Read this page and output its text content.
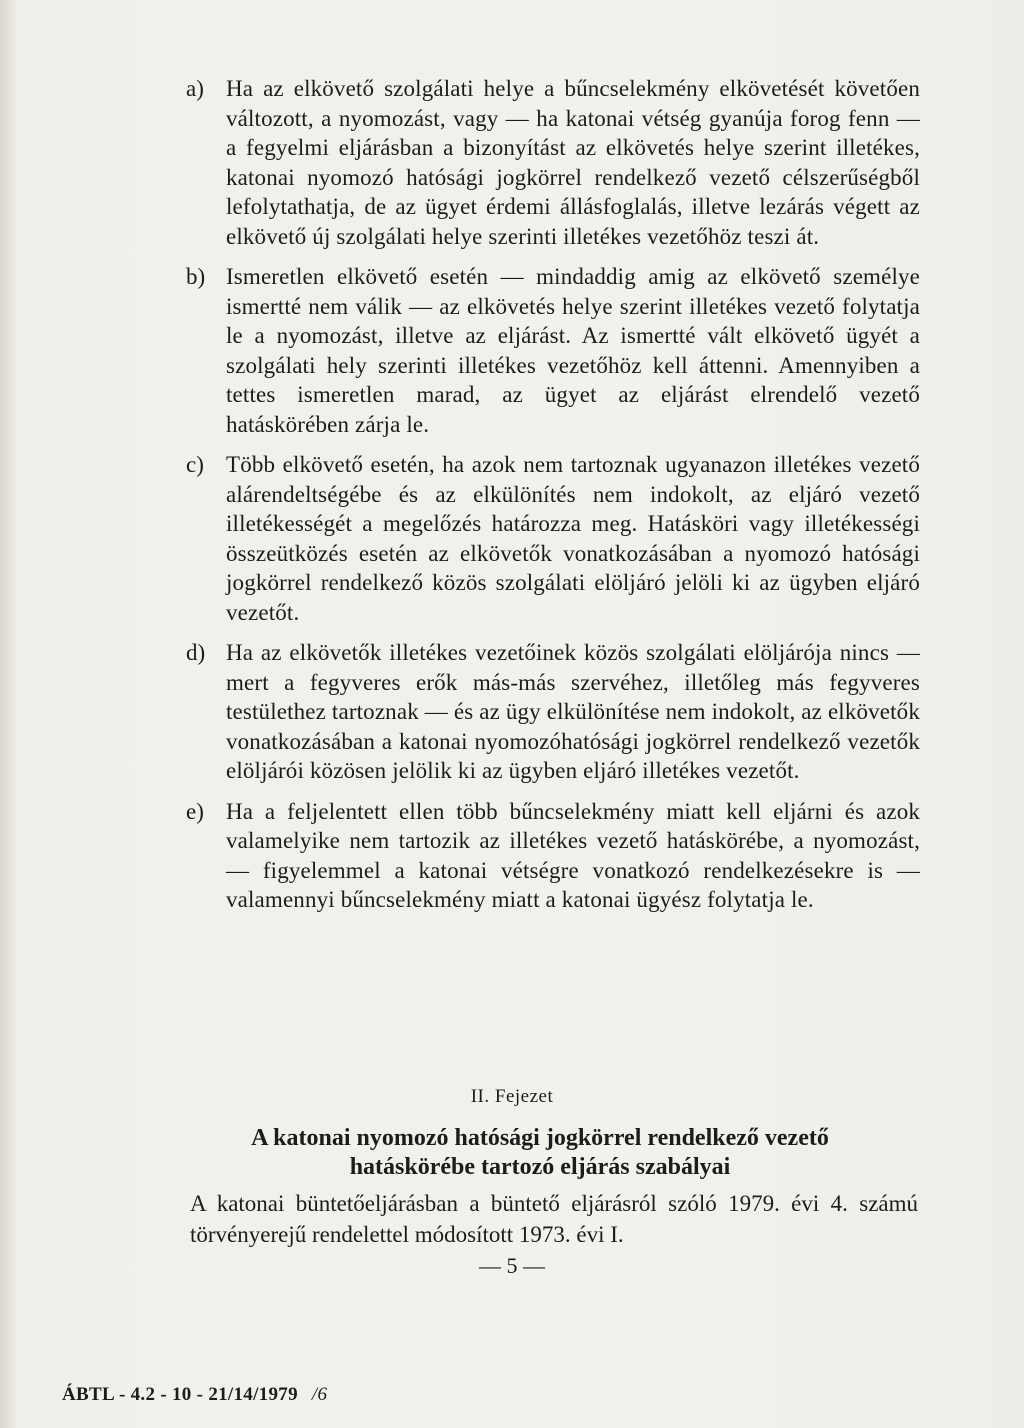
a) Ha az elkövető szolgálati helye a bűncselekmény elkövetését követően változott, a nyomozást, vagy — ha katonai vétség gyanúja forog fenn — a fegyelmi eljárásban a bizonyítást az elkövetés helye szerint illetékes, katonai nyomozó hatósági jogkörrel rendelkező vezető célszerűségből lefolytathatja, de az ügyet érdemi állásfoglalás, illetve lezárás végett az elkövető új szolgálati helye szerinti illetékes vezetőhöz teszi át.
b) Ismeretlen elkövető esetén — mindaddig amig az elkövető személye ismertté nem válik — az elkövetés helye szerint illetékes vezető folytatja le a nyomozást, illetve az eljárást. Az ismertté vált elkövető ügyét a szolgálati hely szerinti illetékes vezetőhöz kell áttenni. Amennyiben a tettes ismeretlen marad, az ügyet az eljárást elrendelő vezető hatáskörében zárja le.
c) Több elkövető esetén, ha azok nem tartoznak ugyanazon illetékes vezető alárendeltségébe és az elkülönítés nem indokolt, az eljáró vezető illetékességét a megelőzés határozza meg. Hatásköri vagy illetékességi összeütközés esetén az elkövetők vonatkozásában a nyomozó hatósági jogkörrel rendelkező közös szolgálati elöljáró jelöli ki az ügyben eljáró vezetőt.
d) Ha az elkövetők illetékes vezetőinek közös szolgálati elöljárója nincs — mert a fegyveres erők más-más szervéhez, illetőleg más fegyveres testülethez tartoznak — és az ügy elkülönítése nem indokolt, az elkövetők vonatkozásában a katonai nyomozóhatósági jogkörrel rendelkező vezetők elöljárói közösen jelölik ki az ügyben eljáró illetékes vezetőt.
e) Ha a feljelentett ellen több bűncselekmény miatt kell eljárni és azok valamelyike nem tartozik az illetékes vezető hatáskörébe, a nyomozást, — figyelemmel a katonai vétségre vonatkozó rendelkezésekre is — valamennyi bűncselekmény miatt a katonai ügyész folytatja le.
II. Fejezet
A katonai nyomozó hatósági jogkörrel rendelkező vezető
hatáskörébe tartozó eljárás szabályai
A katonai büntetőeljárásban a büntető eljárásról szóló 1979. évi 4. számú törvényerejű rendelettel módosított 1973. évi I.
— 5 —
ÁBTL - 4.2 - 10 - 21/14/1979 /6
